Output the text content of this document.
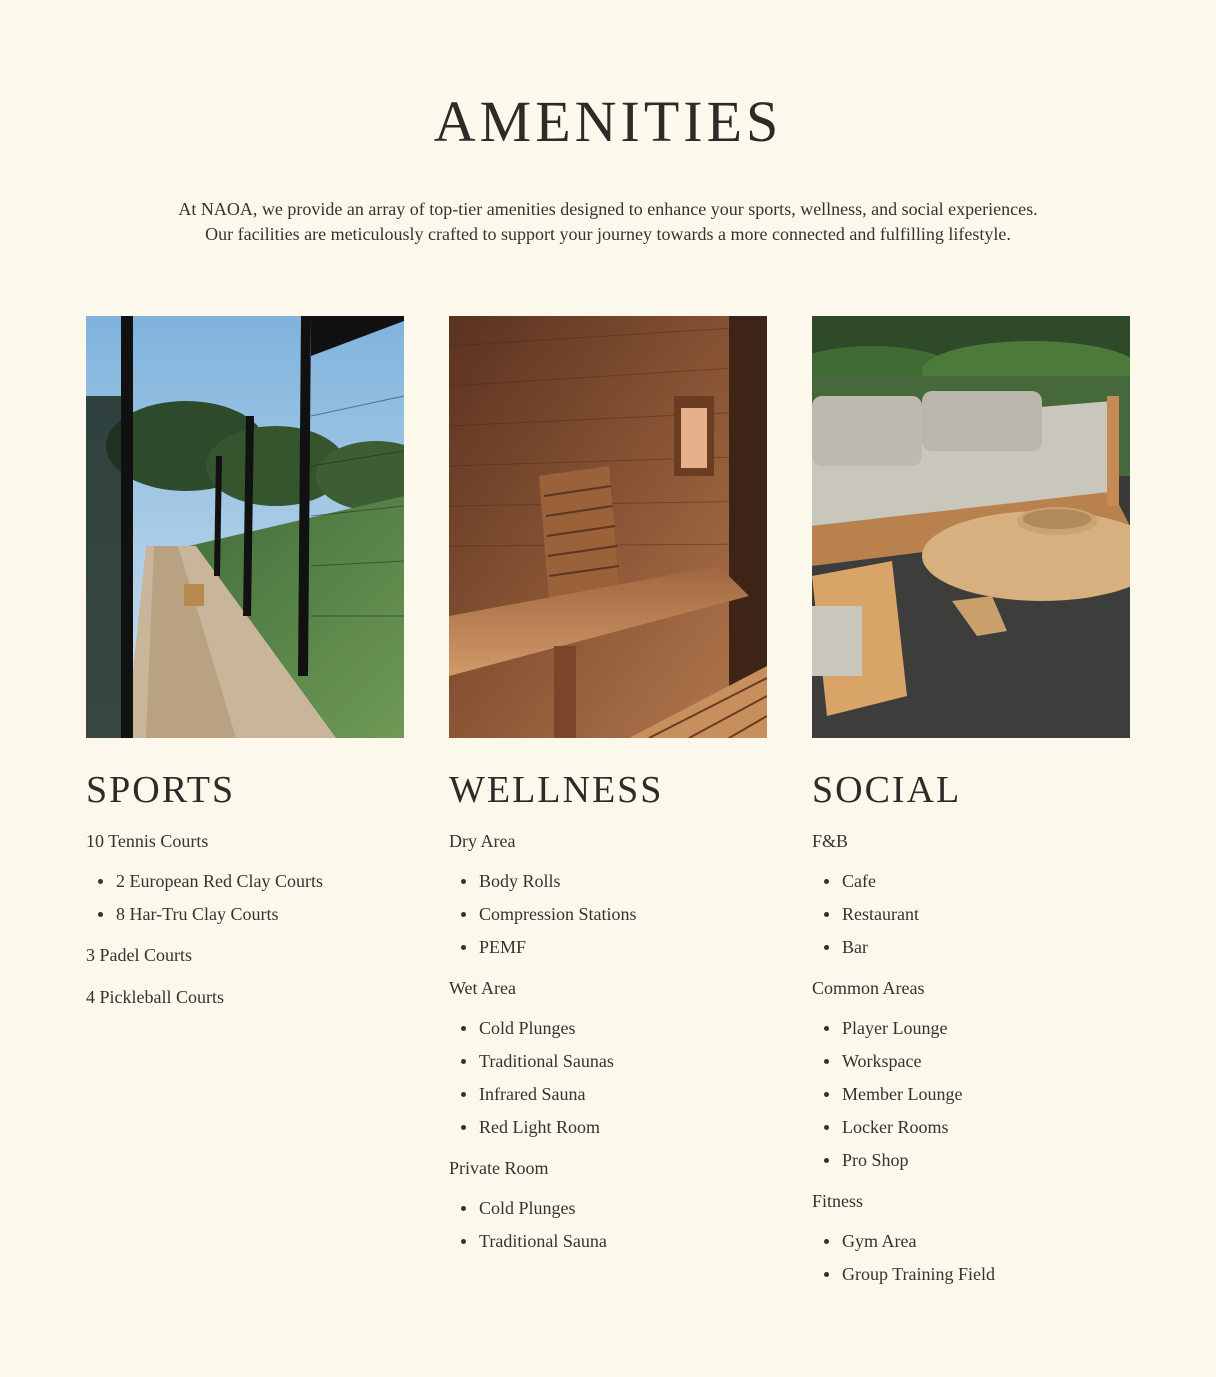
AMENITIES

At NAOA, we provide an array of top-tier amenities designed to enhance your sports, wellness, and social experiences. Our facilities are meticulously crafted to support your journey towards a more connected and fulfilling lifestyle.

SPORTS
10 Tennis Courts
2 European Red Clay Courts
8 Har-Tru Clay Courts
3 Padel Courts
4 Pickleball Courts
WELLNESS
Dry Area
Body Rolls
Compression Stations
PEMF
Wet Area
Cold Plunges
Traditional Saunas
Infrared Sauna
Red Light Room
Private Room
Cold Plunges
Traditional Sauna
SOCIAL
F&B
Cafe
Restaurant
Bar
Common Areas
Player Lounge
Workspace
Member Lounge
Locker Rooms
Pro Shop
Fitness
Gym Area
Group Training Field
